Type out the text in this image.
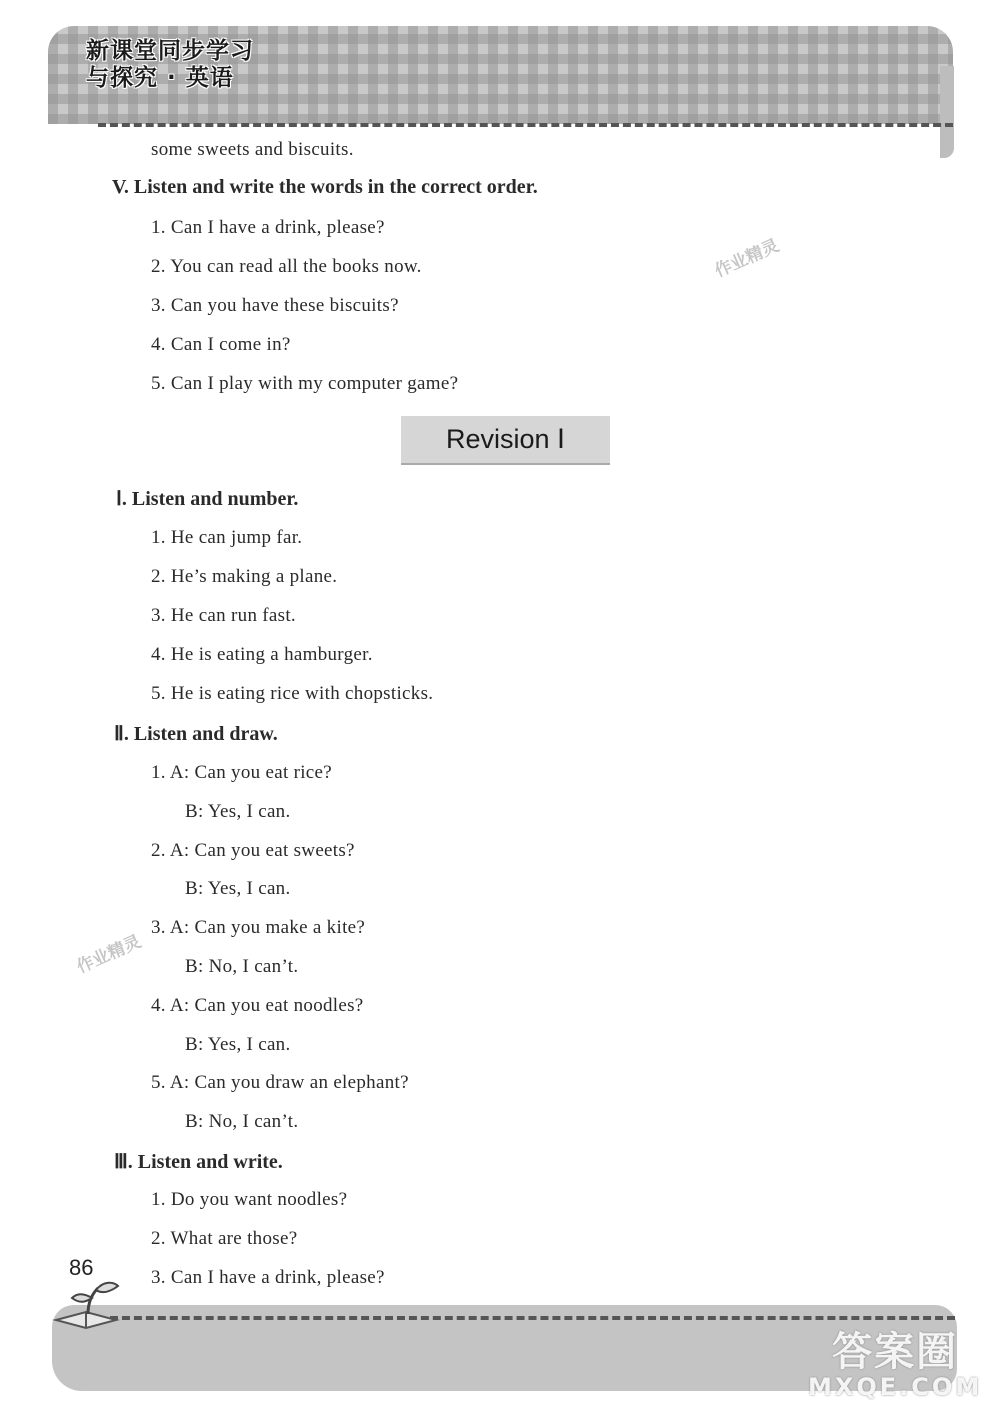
新课堂同步学习
与探究 · 英语
some sweets and biscuits.
V. Listen and write the words in the correct order.
1. Can I have a drink, please?
2. You can read all the books now.
3. Can you have these biscuits?
4. Can I come in?
5. Can I play with my computer game?
Revision Ⅰ
Ⅰ. Listen and number.
1. He can jump far.
2. He’s making a plane.
3. He can run fast.
4. He is eating a hamburger.
5. He is eating rice with chopsticks.
Ⅱ. Listen and draw.
1. A: Can you eat rice?
B: Yes, I can.
2. A: Can you eat sweets?
B: Yes, I can.
3. A: Can you make a kite?
B: No, I can’t.
4. A: Can you eat noodles?
B: Yes, I can.
5. A: Can you draw an elephant?
B: No, I can’t.
Ⅲ. Listen and write.
1. Do you want noodles?
2. What are those?
3. Can I have a drink, please?
作业精灵
作业精灵
86
答案圈
MXQE.COM
